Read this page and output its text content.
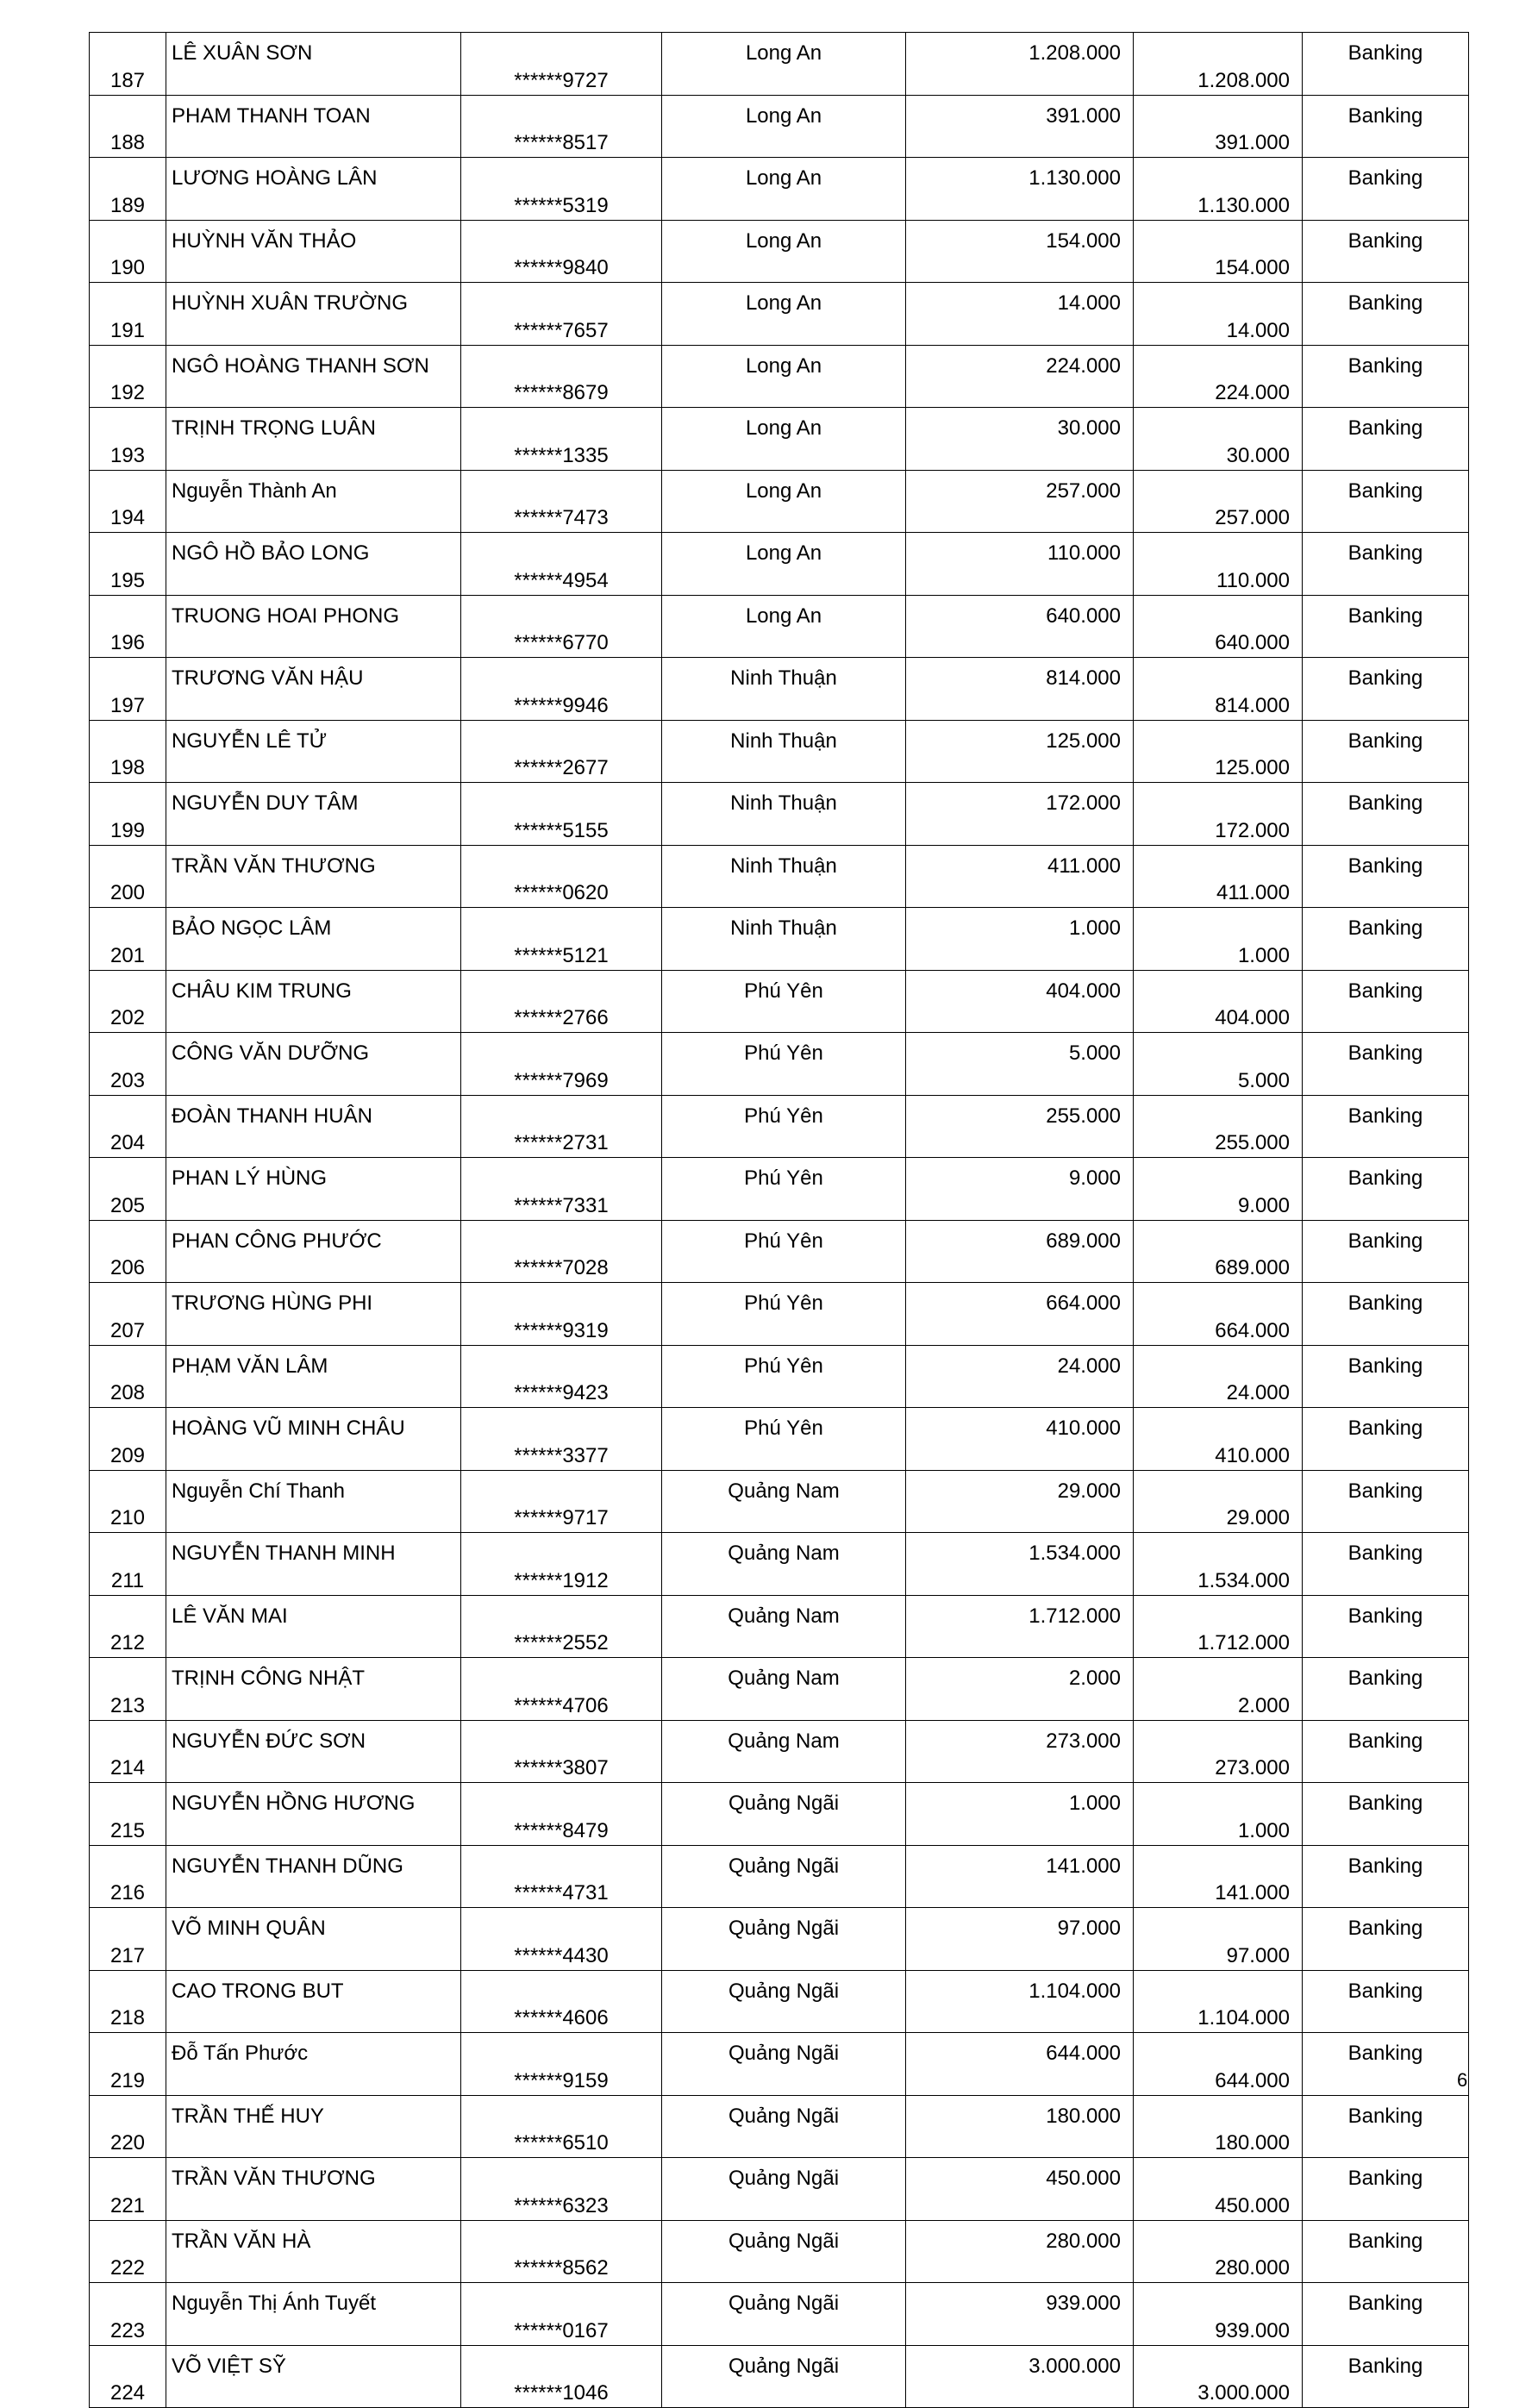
187	LÊ XUÂN SƠN	******9727	Long An	1.208.000	1.208.000	Banking
188	PHAM THANH TOAN	******8517	Long An	391.000	391.000	Banking
189	LƯƠNG HOÀNG LÂN	******5319	Long An	1.130.000	1.130.000	Banking
190	HUỲNH VĂN THẢO	******9840	Long An	154.000	154.000	Banking
191	HUỲNH XUÂN TRƯỜNG	******7657	Long An	14.000	14.000	Banking
192	NGÔ HOÀNG THANH SƠN	******8679	Long An	224.000	224.000	Banking
193	TRỊNH TRỌNG LUÂN	******1335	Long An	30.000	30.000	Banking
194	Nguyễn Thành An	******7473	Long An	257.000	257.000	Banking
195	NGÔ HỒ BẢO LONG	******4954	Long An	110.000	110.000	Banking
196	TRUONG HOAI PHONG	******6770	Long An	640.000	640.000	Banking
197	TRƯƠNG VĂN HẬU	******9946	Ninh Thuận	814.000	814.000	Banking
198	NGUYỄN LÊ TỬ	******2677	Ninh Thuận	125.000	125.000	Banking
199	NGUYỄN DUY TÂM	******5155	Ninh Thuận	172.000	172.000	Banking
200	TRẦN VĂN THƯƠNG	******0620	Ninh Thuận	411.000	411.000	Banking
201	BẢO NGỌC LÂM	******5121	Ninh Thuận	1.000	1.000	Banking
202	CHÂU KIM TRUNG	******2766	Phú Yên	404.000	404.000	Banking
203	CÔNG VĂN DƯỠNG	******7969	Phú Yên	5.000	5.000	Banking
204	ĐOÀN THANH HUÂN	******2731	Phú Yên	255.000	255.000	Banking
205	PHAN LÝ HÙNG	******7331	Phú Yên	9.000	9.000	Banking
206	PHAN CÔNG PHƯỚC	******7028	Phú Yên	689.000	689.000	Banking
207	TRƯƠNG HÙNG PHI	******9319	Phú Yên	664.000	664.000	Banking
208	PHẠM VĂN LÂM	******9423	Phú Yên	24.000	24.000	Banking
209	HOÀNG VŨ MINH CHÂU	******3377	Phú Yên	410.000	410.000	Banking
210	Nguyễn Chí Thanh	******9717	Quảng Nam	29.000	29.000	Banking
211	NGUYỄN THANH MINH	******1912	Quảng Nam	1.534.000	1.534.000	Banking
212	LÊ VĂN MAI	******2552	Quảng Nam	1.712.000	1.712.000	Banking
213	TRỊNH CÔNG NHẬT	******4706	Quảng Nam	2.000	2.000	Banking
214	NGUYỄN ĐỨC SƠN	******3807	Quảng Nam	273.000	273.000	Banking
215	NGUYỄN HỒNG HƯƠNG	******8479	Quảng Ngãi	1.000	1.000	Banking
216	NGUYỄN THANH DŨNG	******4731	Quảng Ngãi	141.000	141.000	Banking
217	VÕ MINH QUÂN	******4430	Quảng Ngãi	97.000	97.000	Banking
218	CAO TRONG BUT	******4606	Quảng Ngãi	1.104.000	1.104.000	Banking
219	Đỗ Tấn Phước	******9159	Quảng Ngãi	644.000	644.000	Banking
220	TRẦN THẾ HUY	******6510	Quảng Ngãi	180.000	180.000	Banking
221	TRẦN VĂN THƯƠNG	******6323	Quảng Ngãi	450.000	450.000	Banking
222	TRẦN VĂN HÀ	******8562	Quảng Ngãi	280.000	280.000	Banking
223	Nguyễn Thị Ánh Tuyết	******0167	Quảng Ngãi	939.000	939.000	Banking
224	VÕ VIỆT SỸ	******1046	Quảng Ngãi	3.000.000	3.000.000	Banking
6
